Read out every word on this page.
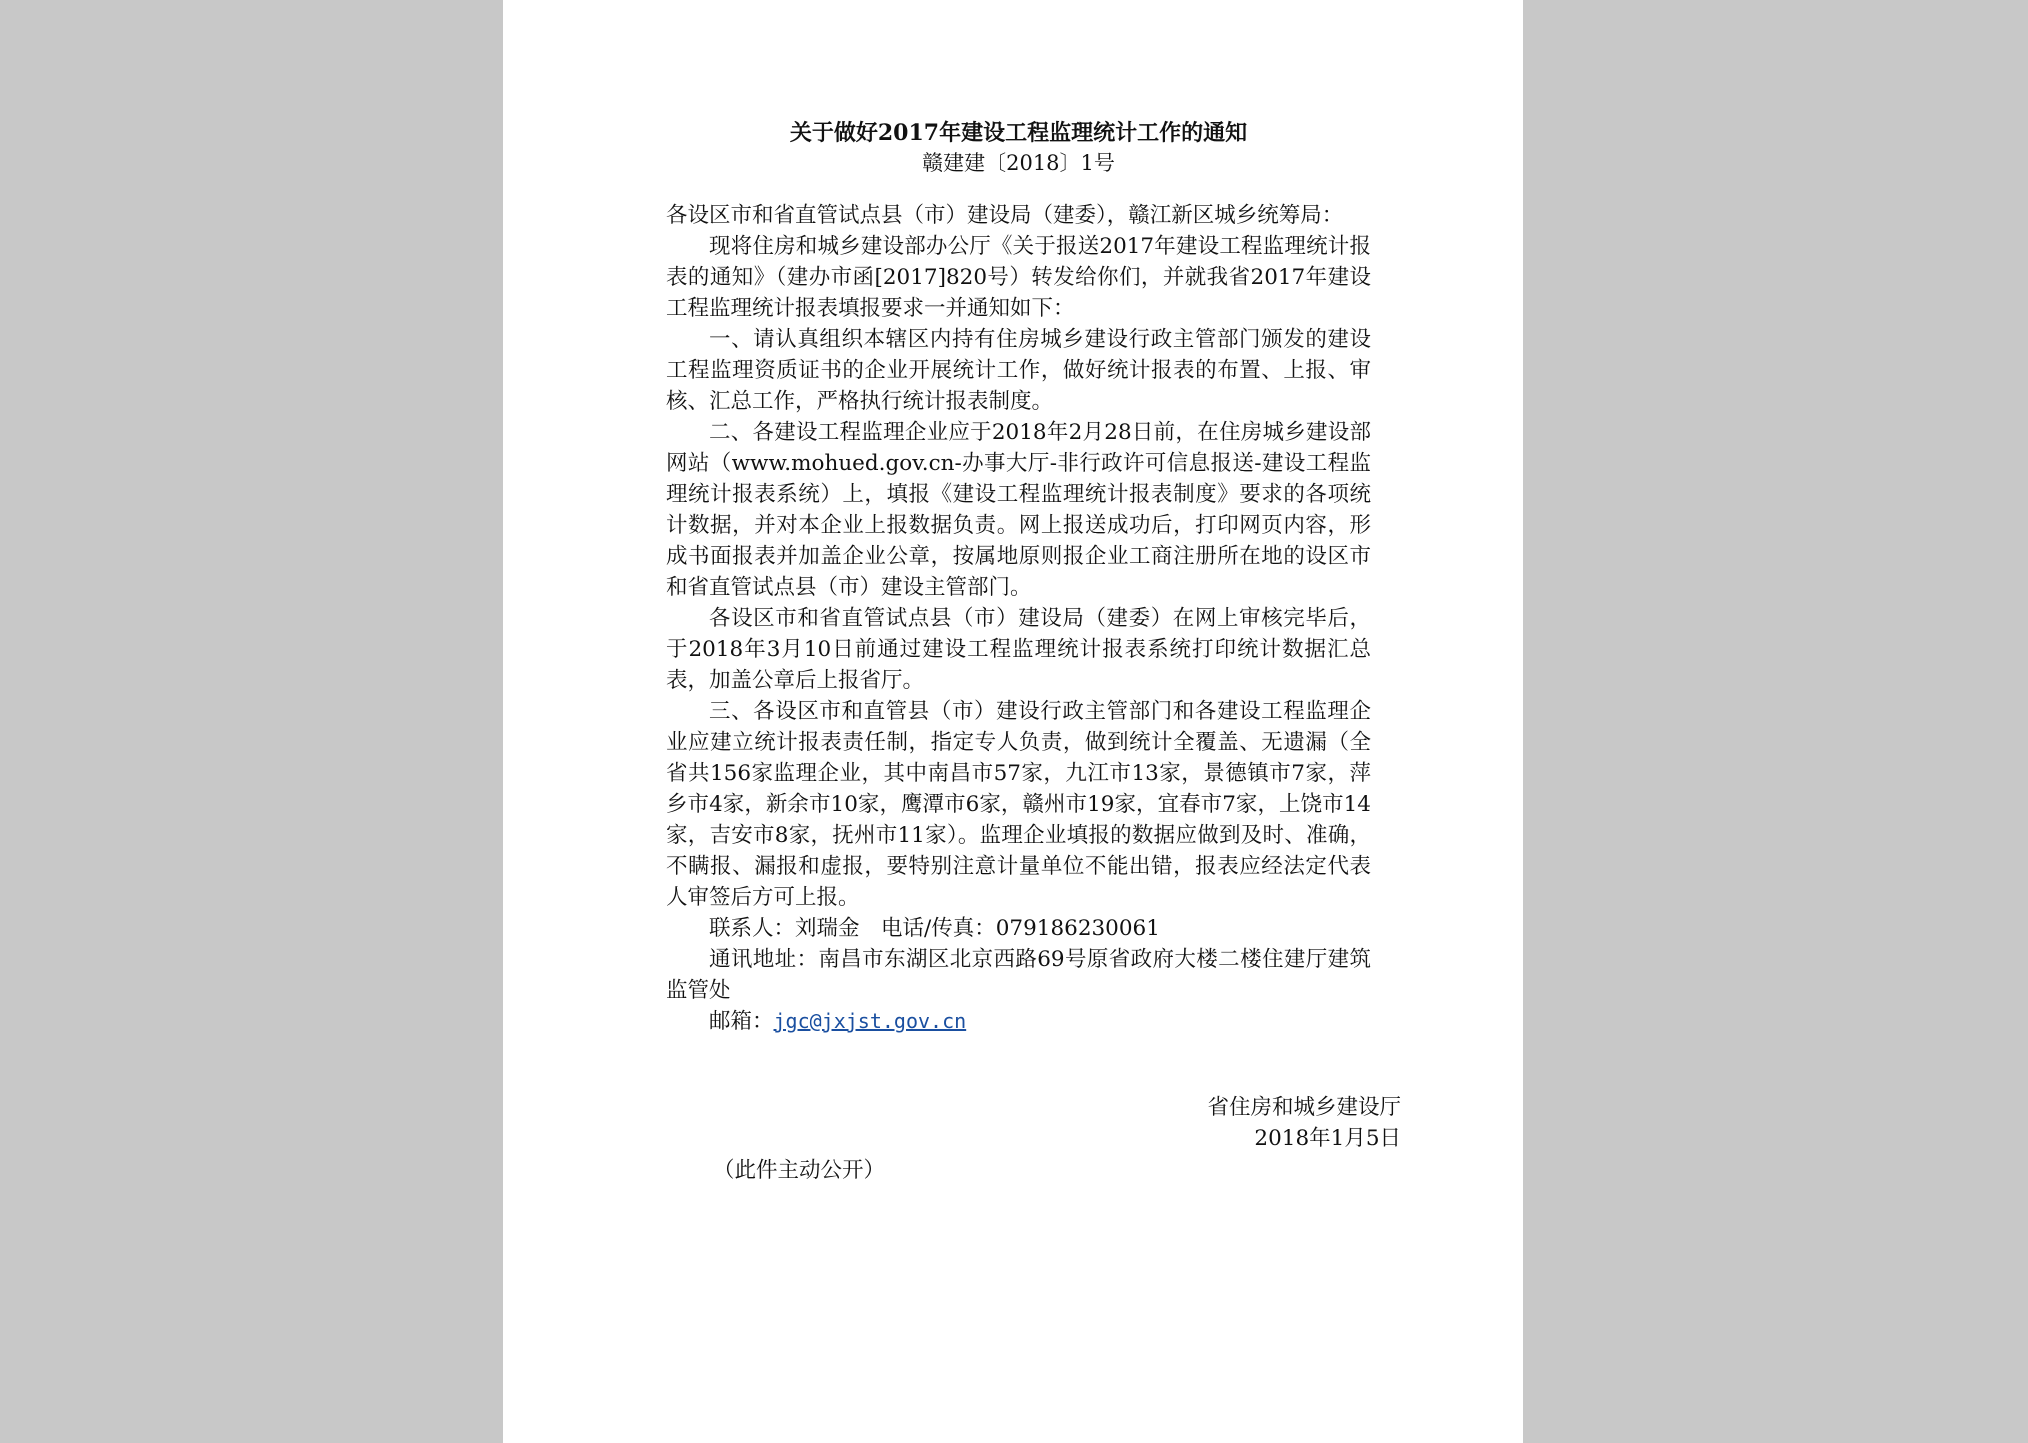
关于做好2017年建设工程监理统计工作的通知

赣建建〔2018〕1号

各设区市和省直管试点县（市）建设局（建委），赣江新区城乡统筹局：

现将住房和城乡建设部办公厅《关于报送2017年建设工程监理统计报表的通知》（建办市函[2017]820号）转发给你们，并就我省2017年建设工程监理统计报表填报要求一并通知如下：

一、请认真组织本辖区内持有住房城乡建设行政主管部门颁发的建设工程监理资质证书的企业开展统计工作，做好统计报表的布置、上报、审核、汇总工作，严格执行统计报表制度。

二、各建设工程监理企业应于2018年2月28日前，在住房城乡建设部网站（www.mohued.gov.cn-办事大厅-非行政许可信息报送-建设工程监理统计报表系统）上，填报《建设工程监理统计报表制度》要求的各项统计数据，并对本企业上报数据负责。网上报送成功后，打印网页内容，形成书面报表并加盖企业公章，按属地原则报企业工商注册所在地的设区市和省直管试点县（市）建设主管部门。

各设区市和省直管试点县（市）建设局（建委）在网上审核完毕后，于2018年3月10日前通过建设工程监理统计报表系统打印统计数据汇总表，加盖公章后上报省厅。

三、各设区市和直管县（市）建设行政主管部门和各建设工程监理企业应建立统计报表责任制，指定专人负责，做到统计全覆盖、无遗漏（全省共156家监理企业，其中南昌市57家，九江市13家，景德镇市7家，萍乡市4家，新余市10家，鹰潭市6家，赣州市19家，宜春市7家，上饶市14家，吉安市8家，抚州市11家）。监理企业填报的数据应做到及时、准确，不瞒报、漏报和虚报，要特别注意计量单位不能出错，报表应经法定代表人审签后方可上报。

联系人：刘瑞金　电话/传真：079186230061

通讯地址：南昌市东湖区北京西路69号原省政府大楼二楼住建厅建筑监管处

邮箱：jgc@jxjst.gov.cn

省住房和城乡建设厅
2018年1月5日
（此件主动公开）
